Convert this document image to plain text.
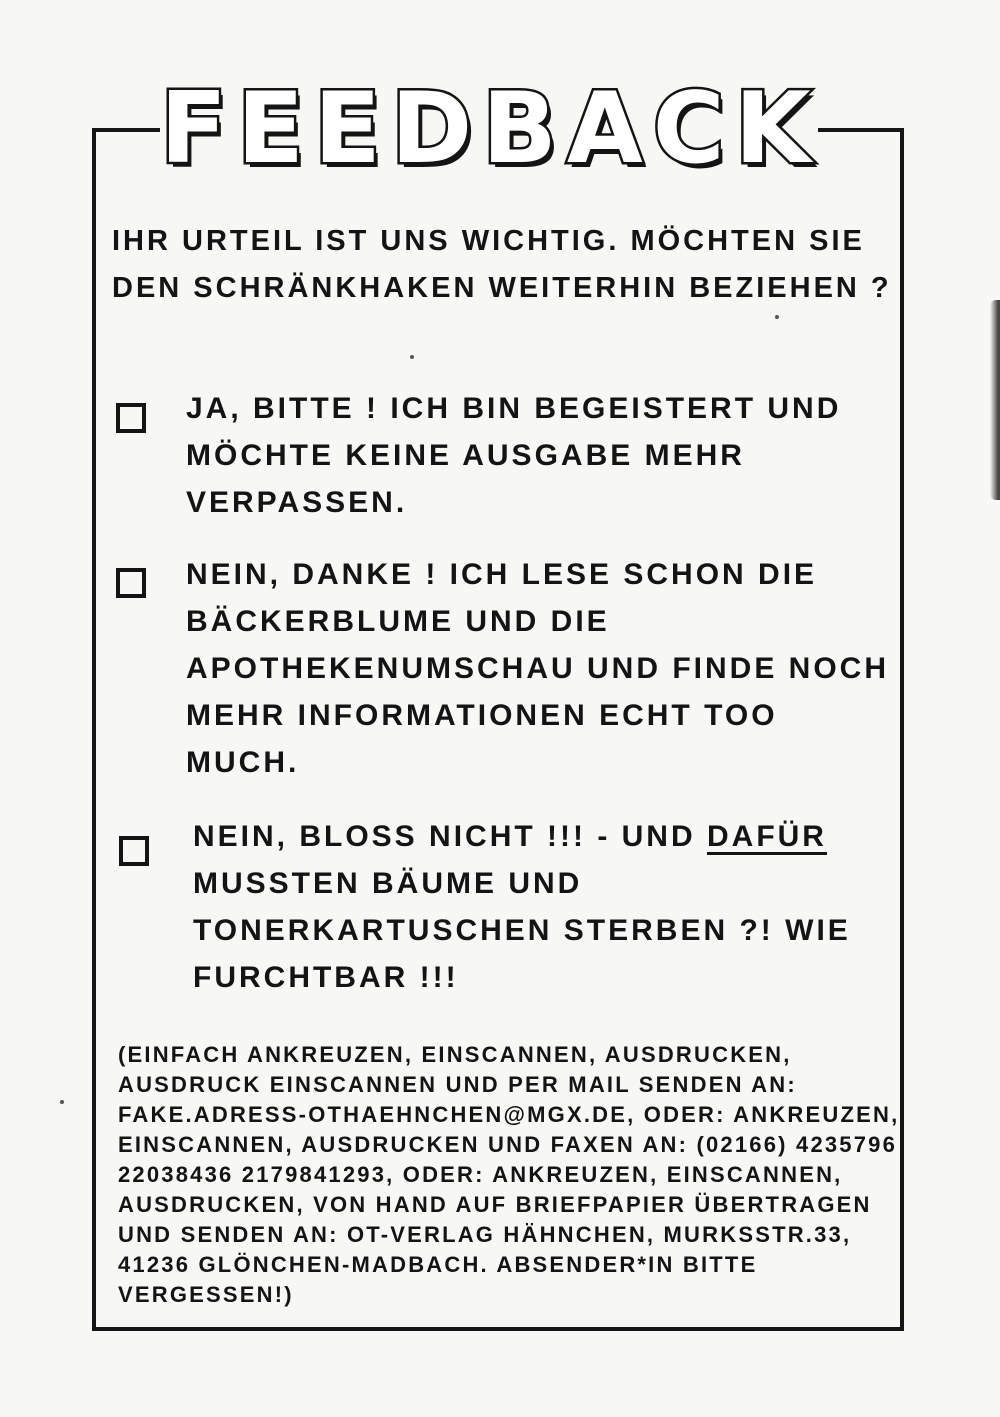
FEEDBACK
IHR URTEIL IST UNS WICHTIG. MÖCHTEN SIE DEN SCHRÄNKHAKEN WEITERHIN BEZIEHEN ?
JA, BITTE ! ICH BIN BEGEISTERT UND MÖCHTE KEINE AUSGABE MEHR VERPASSEN.
NEIN, DANKE ! ICH LESE SCHON DIE BÄCKERBLUME UND DIE APOTHEKENUMSCHAU UND FINDE NOCH MEHR INFORMATIONEN ECHT TOO MUCH.
NEIN, BLOSS NICHT !!! - UND DAFÜR MUSSTEN BÄUME UND TONERKARTUSCHEN STERBEN ?! WIE FURCHTBAR !!!
(EINFACH ANKREUZEN, EINSCANNEN, AUSDRUCKEN, AUSDRUCK EINSCANNEN UND PER MAIL SENDEN AN: FAKE.ADRESS-OTHAEHNCHEN@MGX.DE, ODER: ANKREUZEN, EINSCANNEN, AUSDRUCKEN UND FAXEN AN: (02166) 4235796 22038436 2179841293, ODER: ANKREUZEN, EINSCANNEN, AUSDRUCKEN, VON HAND AUF BRIEFPAPIER ÜBERTRAGEN UND SENDEN AN: OT-VERLAG HÄHNCHEN, MURKSSTR.33, 41236 GLÖNCHEN-MADBACH. ABSENDER*IN BITTE VERGESSEN!)
